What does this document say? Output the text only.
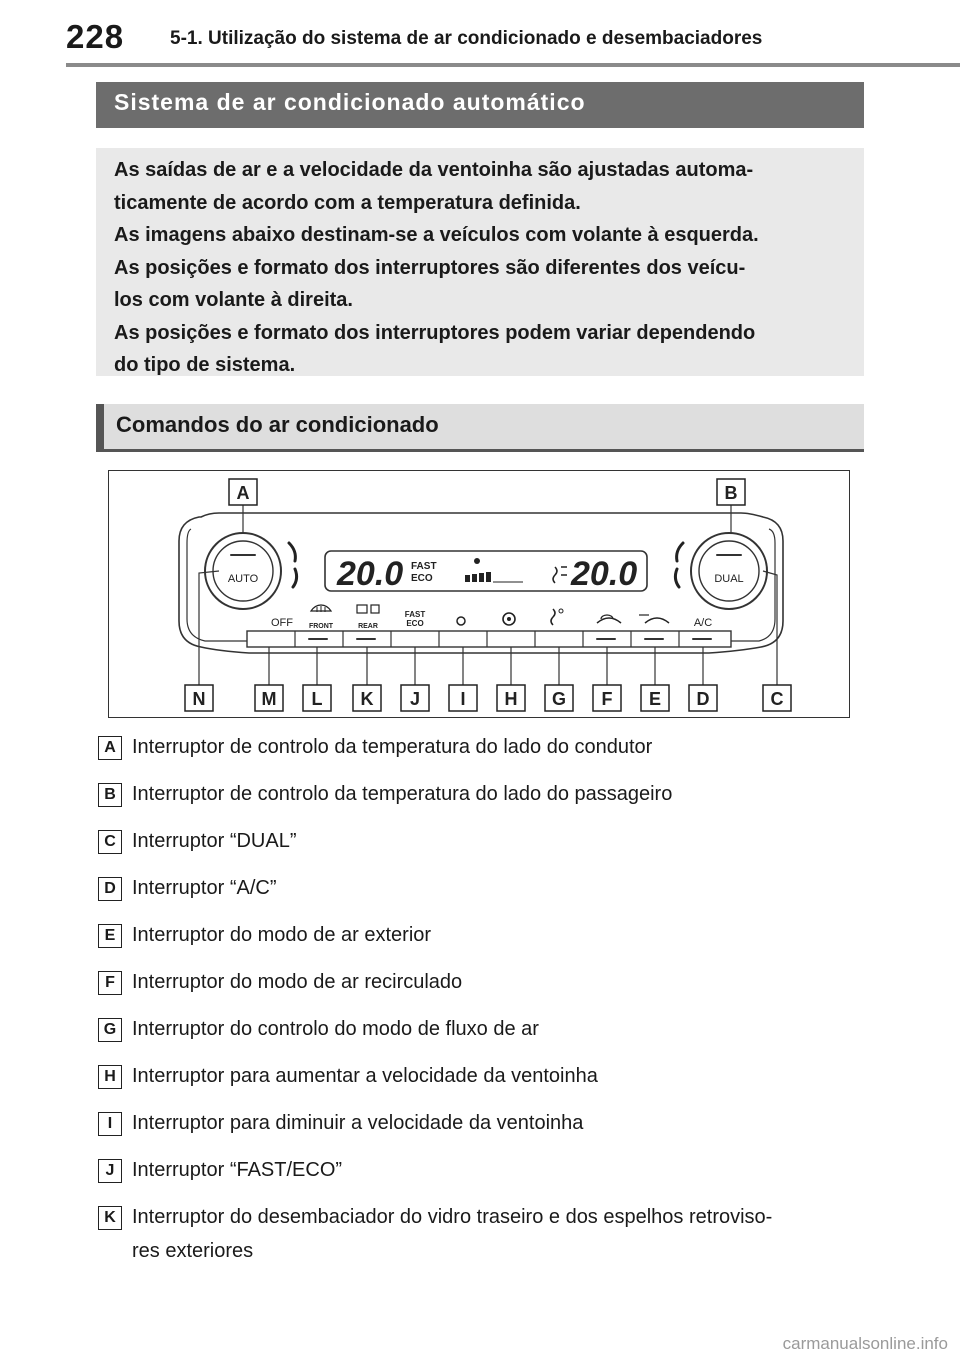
228 5-1. Utilização do sistema de ar condicionado e desembaciadores
Sistema de ar condicionado automático

As saídas de ar e a velocidade da ventoinha são ajustadas automa-

ticamente de acordo com a temperatura definida.

As imagens abaixo destinam-se a veículos com volante à esquerda.

As posições e formato dos interruptores são diferentes dos veícu-

los com volante à direita.

As posições e formato dos interruptores podem variar dependendo

do tipo de sistema.

Comandos do ar condicionado
AUTO	DUAL
20.0 FAST
ECO	20.0
OFF FRONT	REAR
FAST
ECO	A/C
A	B
N	M L K J I H G F E D	C
A Interruptor de controlo da temperatura do lado do condutor
B Interruptor de controlo da temperatura do lado do passageiro
C Interruptor “DUAL”
D Interruptor “A/C”
E Interruptor do modo de ar exterior
F Interruptor do modo de ar recirculado
G Interruptor do controlo do modo de fluxo de ar
H Interruptor para aumentar a velocidade da ventoinha
I Interruptor para diminuir a velocidade da ventoinha
J Interruptor “FAST/ECO”
K Interruptor do desembaciador do vidro traseiro e dos espelhos retroviso-
res exteriores
carmanualsonline.info
